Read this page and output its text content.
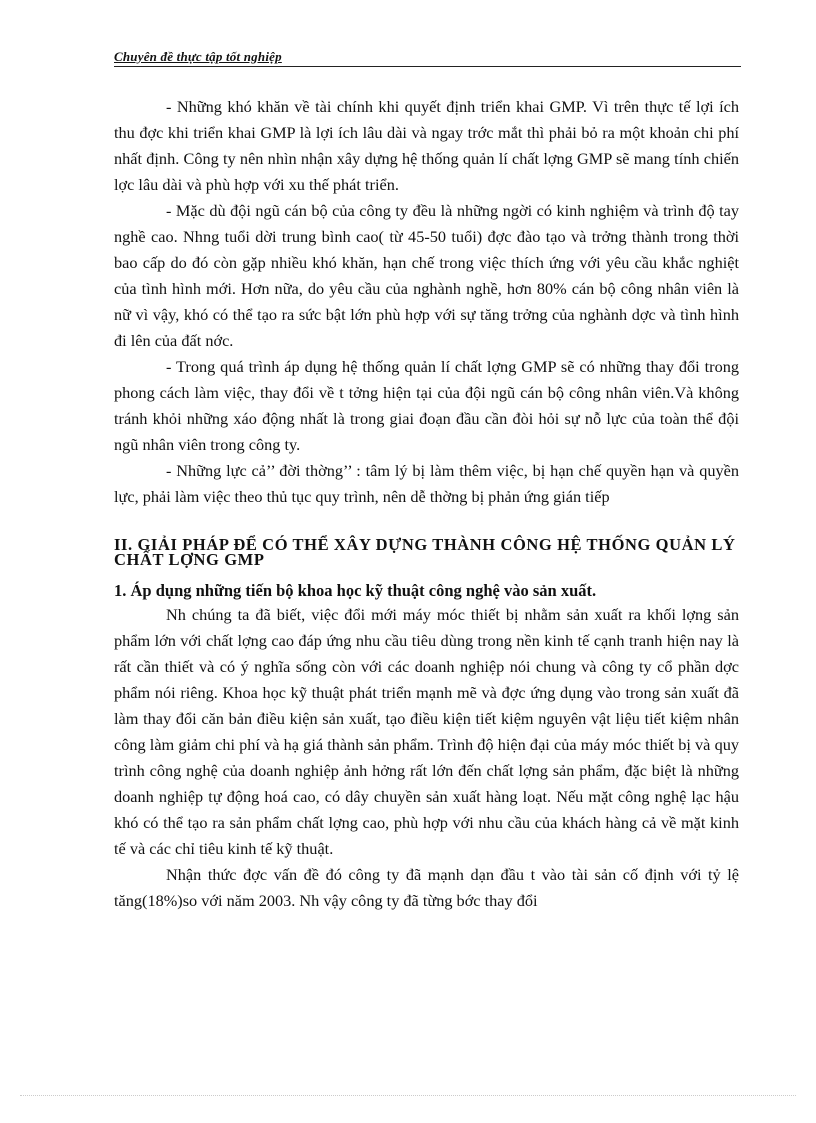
Chuyên đề thực tập tốt nghiệp

- Những khó khăn về tài chính khi quyết định triển khai GMP. Vì trên thực tế lợi ích thu đợc khi triển khai GMP là lợi ích lâu dài và ngay trớc mắt thì phải bỏ ra một khoản chi phí nhất định. Công ty nên nhìn nhận xây dựng hệ thống quản lí chất lợng GMP sẽ mang tính chiến lợc lâu dài và phù hợp với xu thế phát triển.

- Mặc dù đội ngũ cán bộ của công ty đều là những ngời có kinh nghiệm và trình độ tay nghề cao. Nhng tuổi dời trung bình cao( từ 45-50 tuổi) đợc đào tạo và trởng thành trong thời bao cấp do đó còn gặp nhiều khó khăn, hạn chế trong việc thích ứng với yêu cầu khắc nghiệt của tình hình mới. Hơn nữa, do yêu cầu của nghành nghề, hơn 80% cán bộ công nhân viên là nữ vì vậy, khó có thể tạo ra sức bật lớn phù hợp với sự tăng trởng của nghành dợc và tình hình đi lên của đất nớc.

- Trong quá trình áp dụng hệ thống quản lí chất lợng GMP sẽ có những thay đổi trong phong cách làm việc, thay đổi về t tởng hiện tại của đội ngũ cán bộ công nhân viên.Và không tránh khỏi những xáo động nhất là trong giai đoạn đầu cần đòi hỏi sự nỗ lực của toàn thể đội ngũ nhân viên trong công ty.

- Những lực cả’’ đời thờng’’ : tâm lý bị làm thêm việc, bị hạn chế quyền hạn và quyền lực, phải làm việc theo thủ tục quy trình, nên dễ thờng bị phản ứng gián tiếp

II. GIẢI PHÁP ĐỂ CÓ THỂ XÂY DỰNG THÀNH CÔNG HỆ THỐNG QUẢN LÝ CHẤT LỢNG GMP
1. Áp dụng những tiến bộ khoa học kỹ thuật công nghệ vào sản xuất.

Nh chúng ta đã biết, việc đổi mới máy móc thiết bị nhằm sản xuất ra khối lợng sản phẩm lớn với chất lợng cao đáp ứng nhu cầu tiêu dùng trong nền kinh tế cạnh tranh hiện nay là rất cần thiết và có ý nghĩa sống còn với các doanh nghiệp nói chung và công ty cổ phần dợc phẩm nói riêng. Khoa học kỹ thuật phát triển mạnh mẽ và đợc ứng dụng vào trong sản xuất đã làm thay đổi căn bản điều kiện sản xuất, tạo điều kiện tiết kiệm nguyên vật liệu tiết kiệm nhân công làm giảm chi phí và hạ giá thành sản phẩm. Trình độ hiện đại của máy móc thiết bị và quy trình công nghệ của doanh nghiệp ảnh hởng rất lớn đến chất lợng sản phẩm, đặc biệt là những doanh nghiệp tự động hoá cao, có dây chuyền sản xuất hàng loạt. Nếu mặt công nghệ lạc hậu khó có thể tạo ra sản phẩm chất lợng cao, phù hợp với nhu cầu của khách hàng cả về mặt kinh tế và các chỉ tiêu kinh tế kỹ thuật.

Nhận thức đợc vấn đề đó công ty đã mạnh dạn đầu t vào tài sản cố định với tỷ lệ tăng(18%)so với năm 2003. Nh vậy công ty đã từng bớc thay đổi
